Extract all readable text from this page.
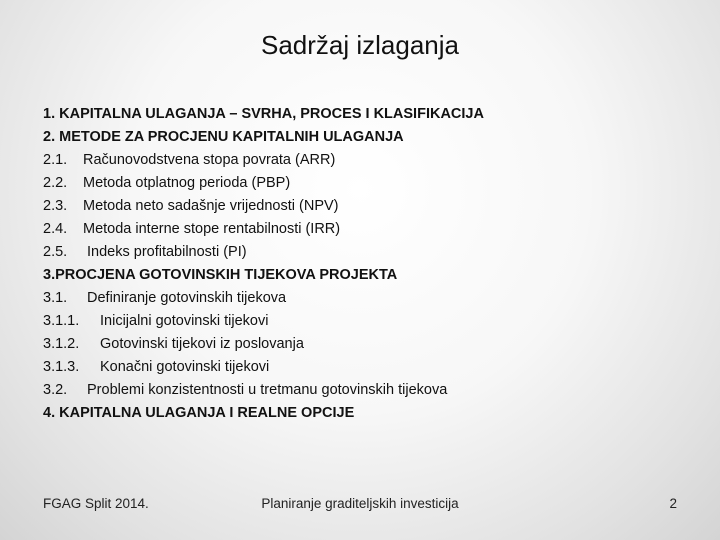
Sadržaj izlaganja
1. KAPITALNA ULAGANJA – SVRHA, PROCES I KLASIFIKACIJA
2. METODE ZA PROCJENU KAPITALNIH ULAGANJA
2.1. Računovodstvena stopa povrata (ARR)
2.2. Metoda otplatnog perioda (PBP)
2.3. Metoda neto sadašnje vrijednosti (NPV)
2.4. Metoda interne stope rentabilnosti (IRR)
2.5. Indeks profitabilnosti (PI)
3.PROCJENA GOTOVINSKIH TIJEKOVA PROJEKTA
3.1. Definiranje gotovinskih tijekova
3.1.1. Inicijalni gotovinski tijekovi
3.1.2. Gotovinski tijekovi iz poslovanja
3.1.3. Konačni gotovinski tijekovi
3.2. Problemi konzistentnosti u tretmanu gotovinskih tijekova
4. KAPITALNA ULAGANJA I REALNE OPCIJE
FGAG Split 2014.	Planiranje graditeljskih investicija	2
